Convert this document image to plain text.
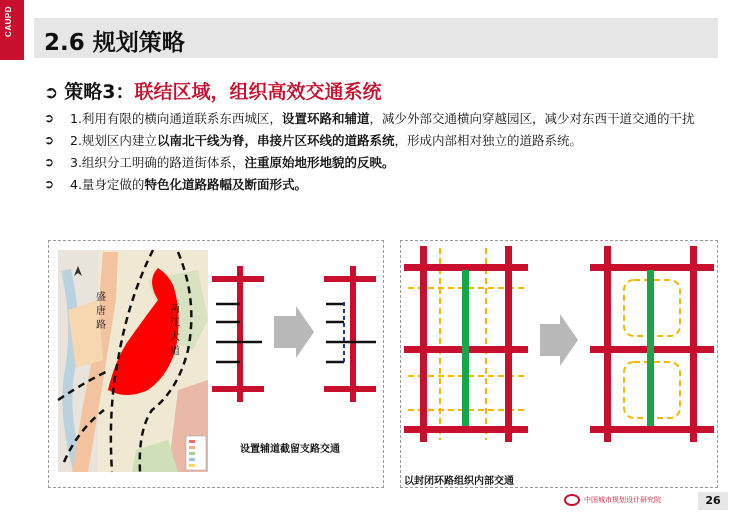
CAUPD
2.6 规划策略
➲ 策略3：联结区域，组织高效交通系统
➲ 1.利用有限的横向通道联系东西城区，设置环路和辅道，减少外部交通横向穿越园区，减少对东西干道交通的干扰
➲ 2.规划区内建立以南北干线为脊，串接片区环线的道路系统，形成内部相对独立的道路系统。
➲ 3.组织分工明确的路道街体系，注重原始地形地貌的反映。
➲ 4.量身定做的特色化道路路幅及断面形式。
盛
唐
路
两
江
大
道
设置辅道截留支路交通
以封闭环路组织内部交通
中国城市规划设计研究院	26
